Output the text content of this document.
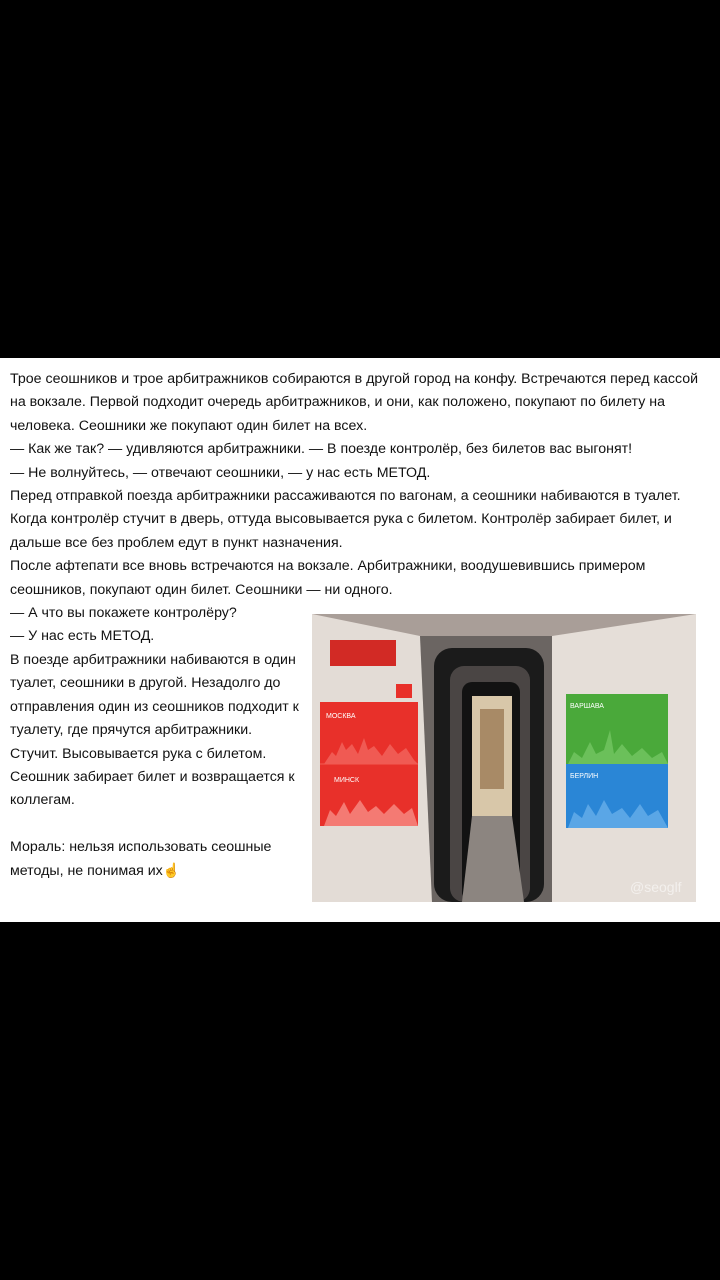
Трое сеошников и трое арбитражников собираются в другой город на конфу. Встречаются перед кассой на вокзале. Первой подходит очередь арбитражников, и они, как положено, покупают по билету на человека. Сеошники же покупают один билет на всех.

— Как же так? — удивляются арбитражники. — В поезде контролёр, без билетов вас выгонят!

— Не волнуйтесь, — отвечают сеошники, — у нас есть МЕТОД.

Перед отправкой поезда арбитражники рассаживаются по вагонам, а сеошники набиваются в туалет. Когда контролёр стучит в дверь, оттуда высовывается рука с билетом. Контролёр забирает билет, и дальше все без проблем едут в пункт назначения.

После афтепати все вновь встречаются на вокзале. Арбитражники, воодушевившись примером сеошников, покупают один билет. Сеошники — ни одного.

— А что вы покажете контролёру?

— У нас есть МЕТОД.

В поезде арбитражники набиваются в один туалет, сеошники в другой. Незадолго до отправления один из сеошников подходит к туалету, где прячутся арбитражники. Стучит. Высовывается рука с билетом. Сеошник забирает билет и возвращается к коллегам.

Мораль: нельзя использовать сеошные методы, не понимая их☝

МОСКВА
МИНСК
ВАРШАВА
БЕРЛИН
@seoglf
